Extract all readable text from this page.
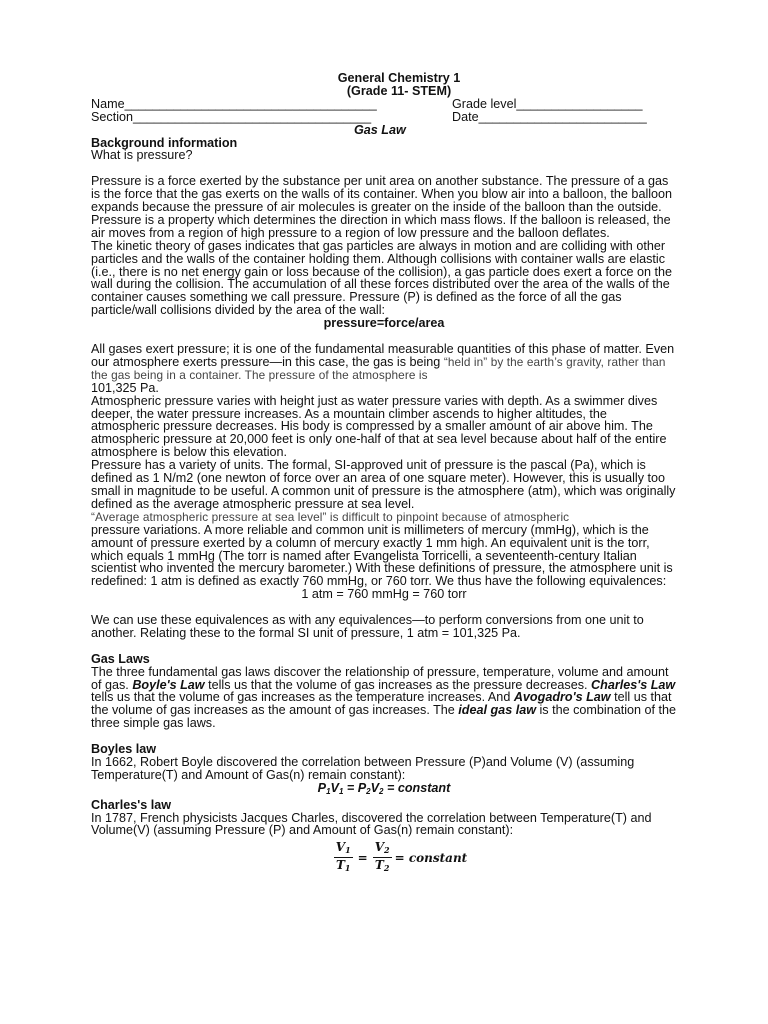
General Chemistry 1
(Grade 11- STEM)
Name____________________________________	Grade level__________________
Section__________________________________	Date________________________
Gas Law
Background information

What is pressure?

Pressure is a force exerted by the substance per unit area on another substance. The pressure of a gas is the force that the gas exerts on the walls of its container. When you blow air into a balloon, the balloon expands because the pressure of air molecules is greater on the inside of the balloon than the outside. Pressure is a property which determines the direction in which mass flows. If the balloon is released, the air moves from a region of high pressure to a region of low pressure and the balloon deflates.

The kinetic theory of gases indicates that gas particles are always in motion and are colliding with other particles and the walls of the container holding them. Although collisions with container walls are elastic (i.e., there is no net energy gain or loss because of the collision), a gas particle does exert a force on the wall during the collision. The accumulation of all these forces distributed over the area of the walls of the container causes something we call pressure. Pressure (P) is defined as the force of all the gas particle/wall collisions divided by the area of the wall:

pressure=force/area

All gases exert pressure; it is one of the fundamental measurable quantities of this phase of matter. Even our atmosphere exerts pressure—in this case, the gas is being “held in” by the earth’s gravity, rather than the gas being in a container. The pressure of the atmosphere is
101,325 Pa.

Atmospheric pressure varies with height just as water pressure varies with depth. As a swimmer dives deeper, the water pressure increases. As a mountain climber ascends to higher altitudes, the atmospheric pressure decreases. His body is compressed by a smaller amount of air above him. The atmospheric pressure at 20,000 feet is only one-half of that at sea level because about half of the entire atmosphere is below this elevation.

Pressure has a variety of units. The formal, SI-approved unit of pressure is the pascal (Pa), which is defined as 1 N/m2 (one newton of force over an area of one square meter). However, this is usually too small in magnitude to be useful. A common unit of pressure is the atmosphere (atm), which was originally defined as the average atmospheric pressure at sea level.

“Average atmospheric pressure at sea level” is difficult to pinpoint because of atmospheric

pressure variations. A more reliable and common unit is millimeters of mercury (mmHg), which is the amount of pressure exerted by a column of mercury exactly 1 mm high. An equivalent unit is the torr, which equals 1 mmHg (The torr is named after Evangelista Torricelli, a seventeenth-century Italian scientist who invented the mercury barometer.) With these definitions of pressure, the atmosphere unit is redefined: 1 atm is defined as exactly 760 mmHg, or 760 torr. We thus have the following equivalences:

1 atm = 760 mmHg = 760 torr

We can use these equivalences as with any equivalences—to perform conversions from one unit to another. Relating these to the formal SI unit of pressure, 1 atm = 101,325 Pa.

Gas Laws

The three fundamental gas laws discover the relationship of pressure, temperature, volume and amount of gas. Boyle's Law tells us that the volume of gas increases as the pressure decreases. Charles's Law tells us that the volume of gas increases as the temperature increases. And Avogadro's Law tell us that the volume of gas increases as the amount of gas increases. The ideal gas law is the combination of the three simple gas laws.

Boyles law

In 1662, Robert Boyle discovered the correlation between Pressure (P)and Volume (V) (assuming Temperature(T) and Amount of Gas(n) remain constant):

$P_1V_1 = P_2V_2$ = constant
Charles's law

In 1787, French physicists Jacques Charles, discovered the correlation between Temperature(T) and Volume(V) (assuming Pressure (P) and Amount of Gas(n) remain constant):

$\frac{V_1}{T_1} = \frac{V_2}{T_2}$ = constant
